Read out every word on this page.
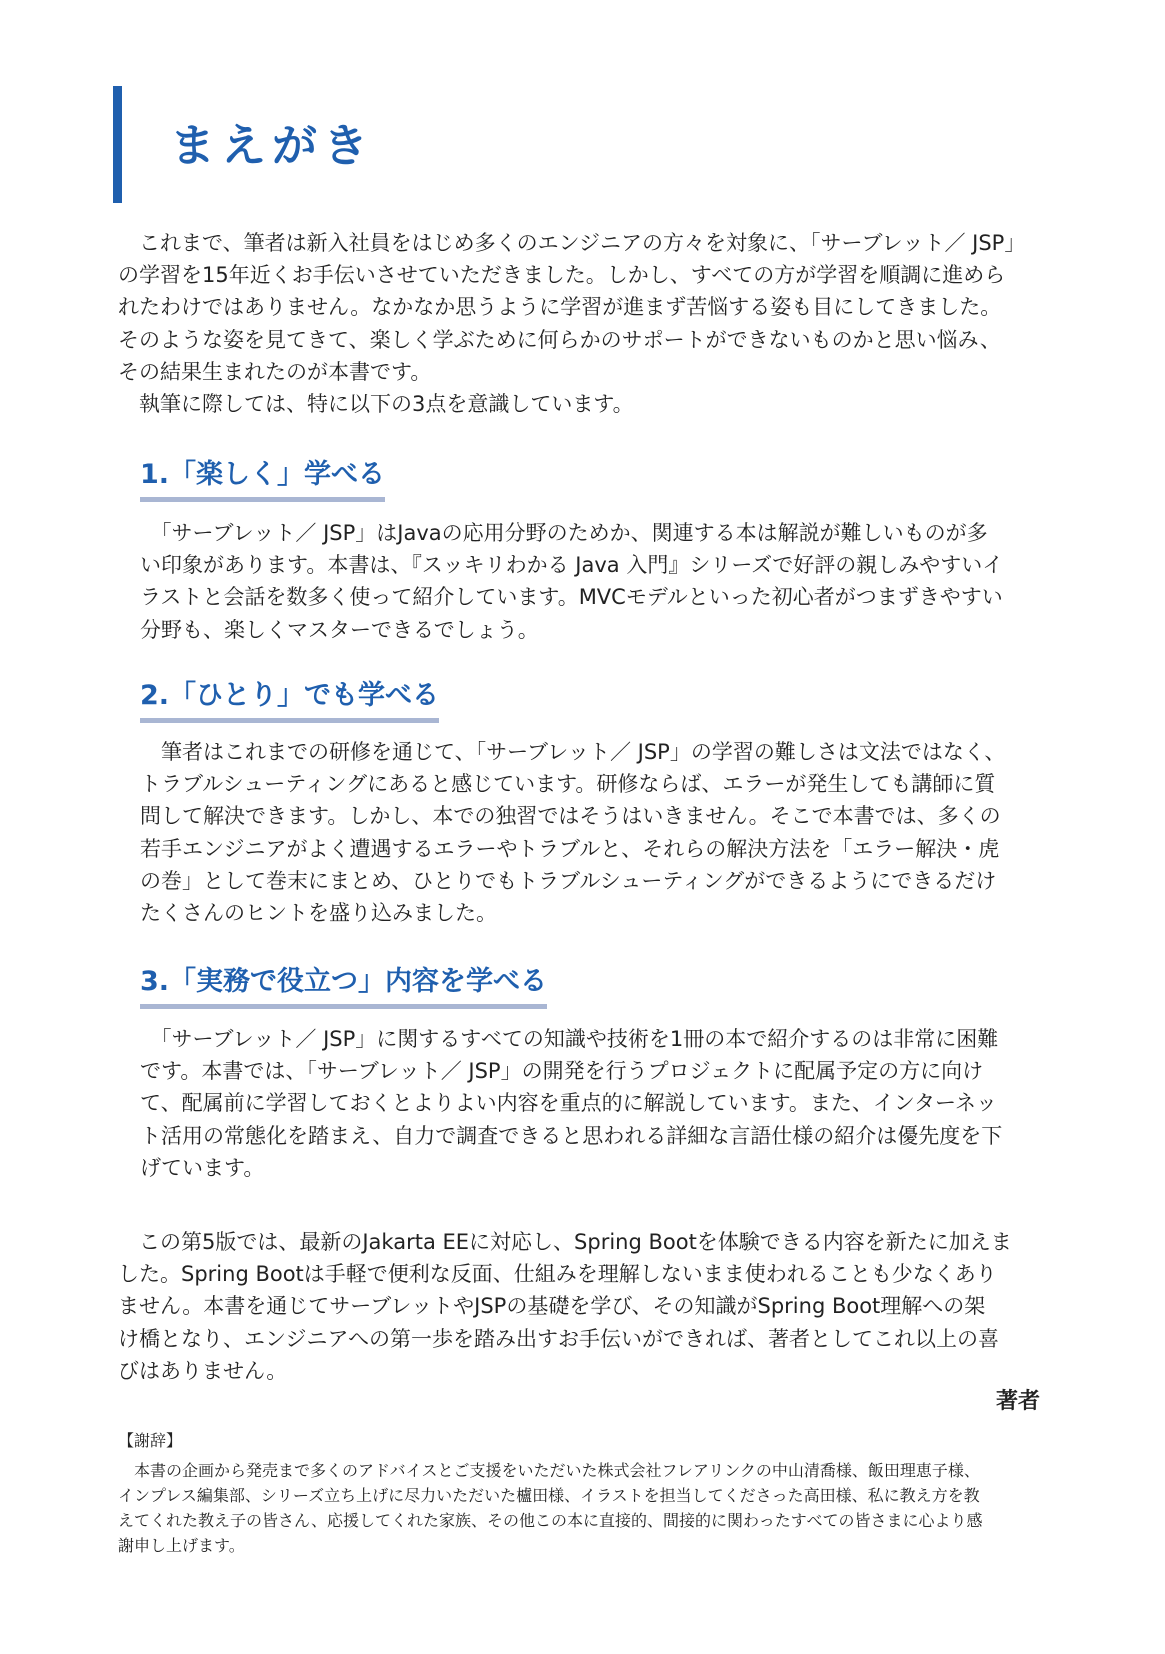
まえがき
　これまで、筆者は新入社員をはじめ多くのエンジニアの方々を対象に、「サーブレット／ JSP」
の学習を15年近くお手伝いさせていただきました。しかし、すべての方が学習を順調に進めら
れたわけではありません。なかなか思うように学習が進まず苦悩する姿も目にしてきました。
そのような姿を見てきて、楽しく学ぶために何らかのサポートができないものかと思い悩み、
その結果生まれたのが本書です。
　執筆に際しては、特に以下の3点を意識しています。
1.「楽しく」学べる
　「サーブレット／ JSP」はJavaの応用分野のためか、関連する本は解説が難しいものが多
い印象があります。本書は、『スッキリわかる Java 入門』シリーズで好評の親しみやすいイ
ラストと会話を数多く使って紹介しています。MVCモデルといった初心者がつまずきやすい
分野も、楽しくマスターできるでしょう。
2.「ひとり」でも学べる
　筆者はこれまでの研修を通じて、「サーブレット／ JSP」の学習の難しさは文法ではなく、
トラブルシューティングにあると感じています。研修ならば、エラーが発生しても講師に質
問して解決できます。しかし、本での独習ではそうはいきません。そこで本書では、多くの
若手エンジニアがよく遭遇するエラーやトラブルと、それらの解決方法を「エラー解決・虎
の巻」として巻末にまとめ、ひとりでもトラブルシューティングができるようにできるだけ
たくさんのヒントを盛り込みました。
3.「実務で役立つ」内容を学べる
　「サーブレット／ JSP」に関するすべての知識や技術を1冊の本で紹介するのは非常に困難
です。本書では、「サーブレット／ JSP」の開発を行うプロジェクトに配属予定の方に向け
て、配属前に学習しておくとよりよい内容を重点的に解説しています。また、インターネッ
ト活用の常態化を踏まえ、自力で調査できると思われる詳細な言語仕様の紹介は優先度を下
げています。
　この第5版では、最新のJakarta EEに対応し、Spring Bootを体験できる内容を新たに加えま
した。Spring Bootは手軽で便利な反面、仕組みを理解しないまま使われることも少なくあり
ません。本書を通じてサーブレットやJSPの基礎を学び、その知識がSpring Boot理解への架
け橋となり、エンジニアへの第一歩を踏み出すお手伝いができれば、著者としてこれ以上の喜
びはありません。
著者
【謝辞】
　本書の企画から発売まで多くのアドバイスとご支援をいただいた株式会社フレアリンクの中山清喬様、飯田理恵子様、
インプレス編集部、シリーズ立ち上げに尽力いただいた櫨田様、イラストを担当してくださった高田様、私に教え方を教
えてくれた教え子の皆さん、応援してくれた家族、その他この本に直接的、間接的に関わったすべての皆さまに心より感
謝申し上げます。
